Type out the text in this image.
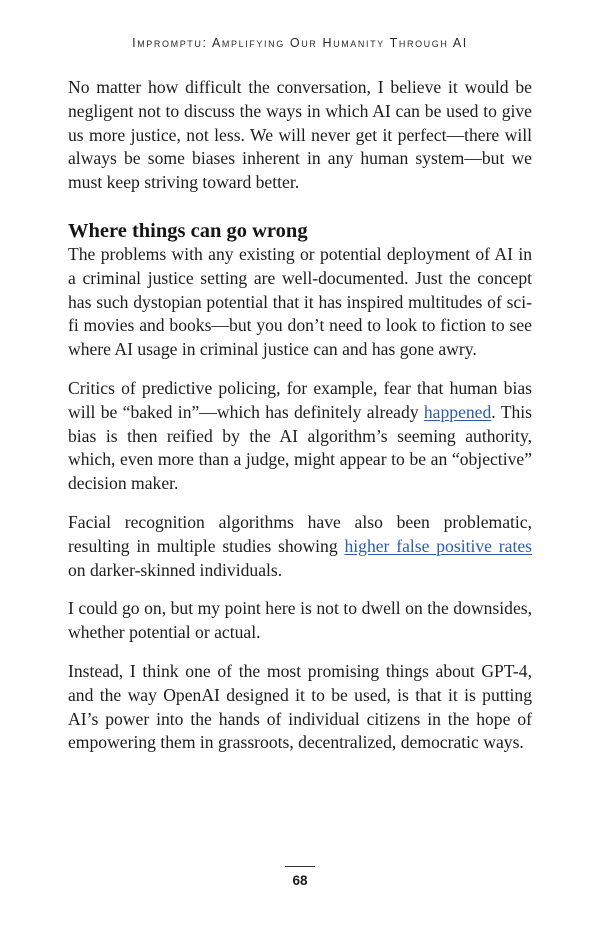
Impromptu: Amplifying Our Humanity Through AI

No matter how difficult the conversation, I believe it would be negligent not to discuss the ways in which AI can be used to give us more justice, not less. We will never get it perfect—there will always be some biases inherent in any human system—but we must keep striving toward better.

Where things can go wrong

The problems with any existing or potential deployment of AI in a criminal justice setting are well-documented. Just the concept has such dystopian potential that it has inspired multitudes of sci-fi movies and books—but you don’t need to look to fiction to see where AI usage in criminal justice can and has gone awry.

Critics of predictive policing, for example, fear that human bias will be “baked in”—which has definitely already happened. This bias is then reified by the AI algorithm’s seeming authority, which, even more than a judge, might appear to be an “objective” decision maker.

Facial recognition algorithms have also been problematic, resulting in multiple studies showing higher false positive rates on darker-skinned individuals.

I could go on, but my point here is not to dwell on the downsides, whether potential or actual.

Instead, I think one of the most promising things about GPT-4, and the way OpenAI designed it to be used, is that it is putting AI’s power into the hands of individual citizens in the hope of empowering them in grassroots, decentralized, democratic ways.

68
